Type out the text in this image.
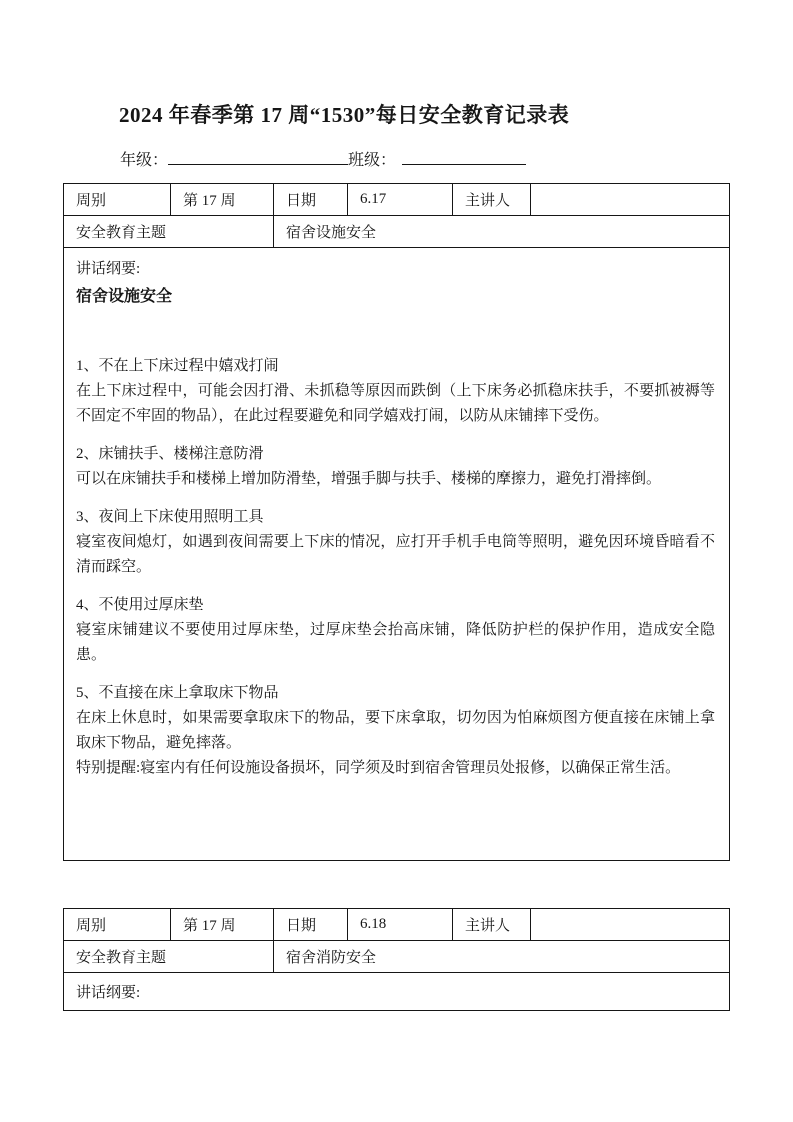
2024 年春季第 17 周“1530”每日安全教育记录表
年级：	班级：
周别	第 17 周	日期	6.17	主讲人	
安全教育主题		宿舍设施安全			

讲话纲要:

宿舍设施安全

1、不在上下床过程中嬉戏打闹
在上下床过程中，可能会因打滑、未抓稳等原因而跌倒（上下床务必抓稳床扶手，不要抓被褥等不固定不牢固的物品），在此过程要避免和同学嬉戏打闹，以防从床铺摔下受伤。
2、床铺扶手、楼梯注意防滑
可以在床铺扶手和楼梯上增加防滑垫，增强手脚与扶手、楼梯的摩擦力，避免打滑摔倒。
3、夜间上下床使用照明工具
寝室夜间熄灯，如遇到夜间需要上下床的情况，应打开手机手电筒等照明，避免因环境昏暗看不清而踩空。
4、不使用过厚床垫
寝室床铺建议不要使用过厚床垫，过厚床垫会抬高床铺，降低防护栏的保护作用，造成安全隐患。
5、不直接在床上拿取床下物品
在床上休息时，如果需要拿取床下的物品，要下床拿取，切勿因为怕麻烦图方便直接在床铺上拿取床下物品，避免摔落。

特别提醒:寝室内有任何设施设备损坏，同学须及时到宿舍管理员处报修，以确保正常生活。

周别	第 17 周	日期	6.18	主讲人	
安全教育主题		宿舍消防安全			
讲话纲要:					
